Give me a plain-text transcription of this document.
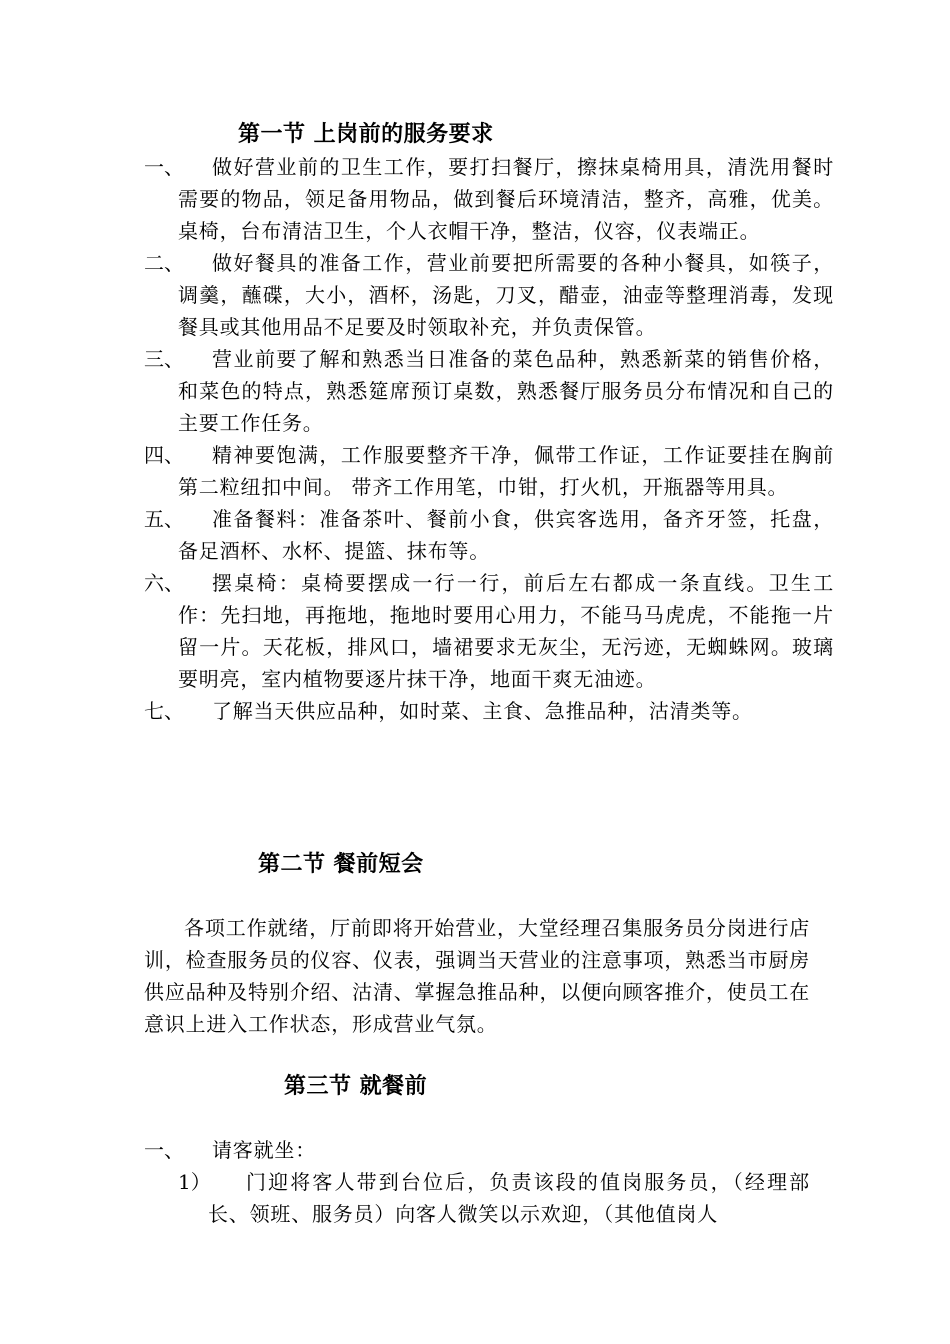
第一节 上岗前的服务要求
一、	做好营业前的卫生工作，要打扫餐厅，擦抹桌椅用具，清洗用餐时需要的物品，领足备用物品，做到餐后环境清洁，整齐，高雅，优美。桌椅，台布清洁卫生，个人衣帽干净，整洁，仪容，仪表端正。
二、	做好餐具的准备工作，营业前要把所需要的各种小餐具，如筷子，调羹，蘸碟，大小，酒杯，汤匙，刀叉，醋壶，油壶等整理消毒，发现餐具或其他用品不足要及时领取补充，并负责保管。
三、	营业前要了解和熟悉当日准备的菜色品种，熟悉新菜的销售价格，和菜色的特点，熟悉筵席预订桌数，熟悉餐厅服务员分布情况和自己的主要工作任务。
四、	精神要饱满，工作服要整齐干净，佩带工作证，工作证要挂在胸前第二粒纽扣中间。 带齐工作用笔，巾钳，打火机，开瓶器等用具。
五、	准备餐料：准备茶叶、餐前小食，供宾客选用，备齐牙签，托盘，备足酒杯、水杯、提篮、抹布等。
六、	摆桌椅：桌椅要摆成一行一行，前后左右都成一条直线。卫生工作：先扫地，再拖地，拖地时要用心用力，不能马马虎虎，不能拖一片留一片。天花板，排风口，墙裙要求无灰尘，无污迹，无蜘蛛网。玻璃要明亮，室内植物要逐片抹干净，地面干爽无油迹。
七、	了解当天供应品种，如时菜、主食、急推品种，沽清类等。
第二节 餐前短会
各项工作就绪，厅前即将开始营业，大堂经理召集服务员分岗进行店训，检查服务员的仪容、仪表，强调当天营业的注意事项，熟悉当市厨房供应品种及特别介绍、沽清、掌握急推品种，以便向顾客推介，使员工在意识上进入工作状态，形成营业气氛。
第三节 就餐前
一、	请客就坐：
1）	门迎将客人带到台位后，负责该段的值岗服务员，（经理部长、领班、服务员）向客人微笑以示欢迎，（其他值岗人
